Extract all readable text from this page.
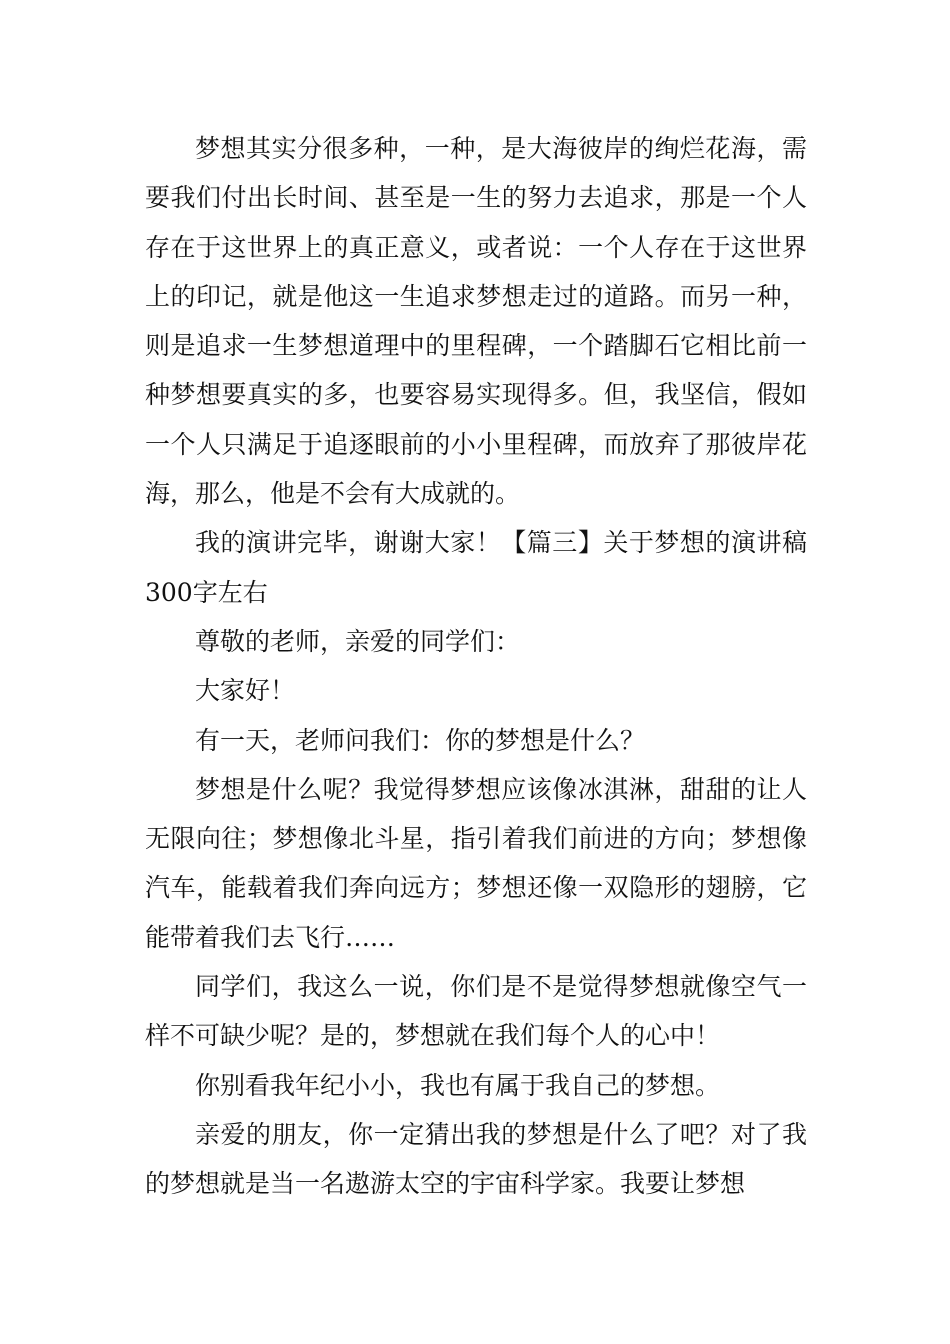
梦想其实分很多种，一种，是大海彼岸的绚烂花海，需要我们付出长时间、甚至是一生的努力去追求，那是一个人存在于这世界上的真正意义，或者说：一个人存在于这世界上的印记，就是他这一生追求梦想走过的道路。而另一种，则是追求一生梦想道理中的里程碑，一个踏脚石它相比前一种梦想要真实的多，也要容易实现得多。但，我坚信，假如一个人只满足于追逐眼前的小小里程碑，而放弃了那彼岸花海，那么，他是不会有大成就的。

我的演讲完毕，谢谢大家！【篇三】关于梦想的演讲稿300字左右

尊敬的老师，亲爱的同学们：

大家好！

有一天，老师问我们：你的梦想是什么？

梦想是什么呢？我觉得梦想应该像冰淇淋，甜甜的让人无限向往；梦想像北斗星，指引着我们前进的方向；梦想像汽车，能载着我们奔向远方；梦想还像一双隐形的翅膀，它能带着我们去飞行……

同学们，我这么一说，你们是不是觉得梦想就像空气一样不可缺少呢？是的，梦想就在我们每个人的心中！

你别看我年纪小小，我也有属于我自己的梦想。

亲爱的朋友，你一定猜出我的梦想是什么了吧？对了我的梦想就是当一名遨游太空的宇宙科学家。我要让梦想
